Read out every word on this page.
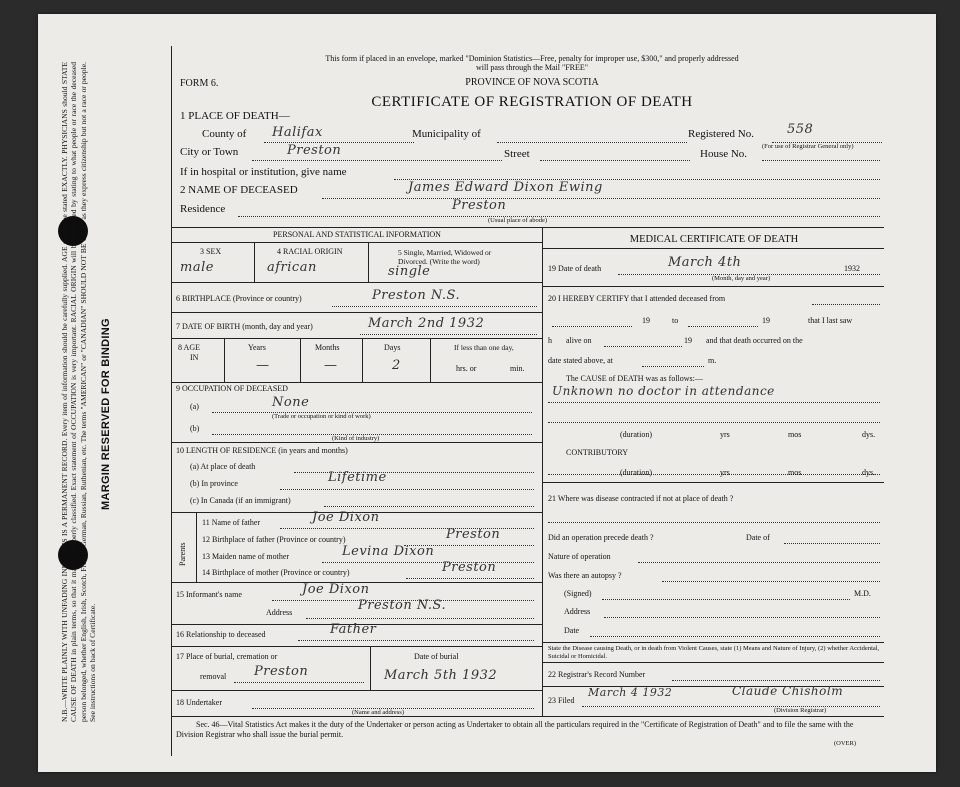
N.B.—WRITE PLAINLY WITH UNFADING INK—THIS IS A PERMANENT RECORD. Every item of information should be carefully supplied. AGE should be stated EXACTLY. PHYSICIANS should STATE CAUSE OF DEATH in plain terms, so that it may be properly classified. Exact statement of OCCUPATION is very important. RACIAL ORIGIN will be described by stating to what people or race the deceased person belonged, whether English, Irish, Scotch, French, German, Russian, Ruthenian, etc. The terms "AMERICAN" or "CANADIAN" SHOULD NOT BE USED as they express citizenship but not a race or people. See instructions on back of Certificate.
MARGIN RESERVED FOR BINDING
This form if placed in an envelope, marked "Dominion Statistics—Free, penalty for improper use, $300," and properly addressed
will pass through the Mail "FREE"
PROVINCE OF NOVA SCOTIA
FORM 6.
CERTIFICATE OF REGISTRATION OF DEATH
1 PLACE OF DEATH—
County of Halifax	Municipality of	Registered No.	558
(For use of Registrar General only)
City or Town	Preston	Street	House No.
If in hospital or institution, give name
2 NAME OF DECEASED	James Edward Dixon Ewing
Residence	Preston
(Usual place of abode)
PERSONAL AND STATISTICAL INFORMATION
3 SEX
male
4 RACIAL ORIGIN
african
5 Single, Married, Widowed or
Divorced. (Write the word)
single
6 BIRTHPLACE (Province or country)	Preston N.S.
7 DATE OF BIRTH (month, day and year)	March 2nd 1932
8 AGE
IN
Years
—
Months
—
Days
2
If less than one day,
hrs. or	min.
9 OCCUPATION OF DECEASED
(a)	None
(Trade or occupation or kind of work)
(b)
(Kind of industry)
10 LENGTH OF RESIDENCE (in years and months)
(a) At place of death
(b) In province	Lifetime
(c) In Canada (if an immigrant)
Parents
11 Name of father	Joe Dixon
12 Birthplace of father (Province or country)	Preston
13 Maiden name of mother	Levina Dixon
14 Birthplace of mother (Province or country)	Preston
15 Informant's name	Joe Dixon
Address	Preston N.S.
16 Relationship to deceased	Father
17 Place of burial, cremation or
removal Preston
Date of burial
March 5th 1932
18 Undertaker
(Name and address)
MEDICAL CERTIFICATE OF DEATH
19 Date of death	March 4th	1932
(Month, day and year)
20 I HEREBY CERTIFY that I attended deceased from
19	to	19	that I last saw
h alive on	19 and that death occurred on the
date stated above, at	m.
The CAUSE of DEATH was as follows:—
Unknown no doctor in attendance
(duration)	yrs	mos	dys.
CONTRIBUTORY
(duration)	yrs	mos	dys.
21 Where was disease contracted if not at place of death ?
Did an operation precede death ?	Date of
Nature of operation
Was there an autopsy ?
(Signed)	M.D.
Address
Date
State the Disease causing Death, or in death from Violent Causes, state (1) Means and Nature of Injury, (2) whether Accidental, Suicidal or Homicidal.
22 Registrar's Record Number
23 Filed
March 4 1932	Claude Chisholm
(Division Registrar)
Sec. 46—Vital Statistics Act makes it the duty of the Undertaker or person acting as Undertaker to obtain all the particulars required in the "Certificate of Registration of Death" and to file the same with the Division Registrar who shall issue the burial permit.
(OVER)
